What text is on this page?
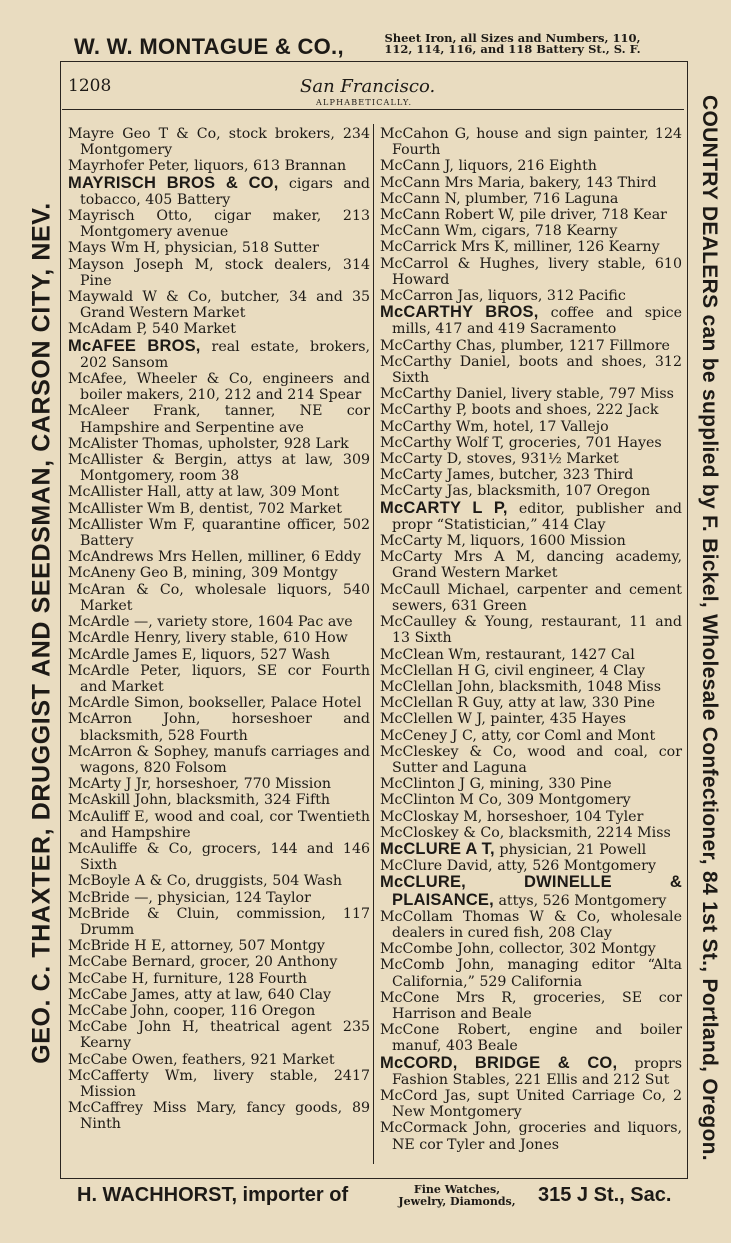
W. W. MONTAGUE & CO.,	Sheet Iron, all Sizes and Numbers, 110,
112, 114, 116, and 118 Battery St., S. F.
GEO. C. THAXTER, DRUGGIST AND SEEDSMAN, CARSON CITY, NEV.	COUNTRY DEALERS can be supplied by F. Bickel, Wholesale Confectioner, 84 1st St., Portland, Oregon.
1208	San Francisco.
ALPHABETICALLY.

Mayre Geo T & Co, stock brokers, 234 Montgomery

Mayrhofer Peter, liquors, 613 Brannan

MAYRISCH BROS & CO, cigars and tobacco, 405 Battery

Mayrisch Otto, cigar maker, 213 Montgomery avenue

Mays Wm H, physician, 518 Sutter

Mayson Joseph M, stock dealers, 314 Pine

Maywald W & Co, butcher, 34 and 35 Grand Western Market

McAdam P, 540 Market

McAFEE BROS, real estate, brokers, 202 Sansom

McAfee, Wheeler & Co, engineers and boiler makers, 210, 212 and 214 Spear

McAleer Frank, tanner, NE cor Hampshire and Serpentine ave

McAlister Thomas, upholster, 928 Lark

McAllister & Bergin, attys at law, 309 Montgomery, room 38

McAllister Hall, atty at law, 309 Mont

McAllister Wm B, dentist, 702 Market

McAllister Wm F, quarantine officer, 502 Battery

McAndrews Mrs Hellen, milliner, 6 Eddy

McAneny Geo B, mining, 309 Montgy

McAran & Co, wholesale liquors, 540 Market

McArdle —, variety store, 1604 Pac ave

McArdle Henry, livery stable, 610 How

McArdle James E, liquors, 527 Wash

McArdle Peter, liquors, SE cor Fourth and Market

McArdle Simon, bookseller, Palace Hotel

McArron John, horseshoer and blacksmith, 528 Fourth

McArron & Sophey, manufs carriages and wagons, 820 Folsom

McArty J Jr, horseshoer, 770 Mission

McAskill John, blacksmith, 324 Fifth

McAuliff E, wood and coal, cor Twentieth and Hampshire

McAuliffe & Co, grocers, 144 and 146 Sixth

McBoyle A & Co, druggists, 504 Wash

McBride —, physician, 124 Taylor

McBride & Cluin, commission, 117 Drumm

McBride H E, attorney, 507 Montgy

McCabe Bernard, grocer, 20 Anthony

McCabe H, furniture, 128 Fourth

McCabe James, atty at law, 640 Clay

McCabe John, cooper, 116 Oregon

McCabe John H, theatrical agent 235 Kearny

McCabe Owen, feathers, 921 Market

McCafferty Wm, livery stable, 2417 Mission

McCaffrey Miss Mary, fancy goods, 89 Ninth

McCahon G, house and sign painter, 124 Fourth

McCann J, liquors, 216 Eighth

McCann Mrs Maria, bakery, 143 Third

McCann N, plumber, 716 Laguna

McCann Robert W, pile driver, 718 Kear

McCann Wm, cigars, 718 Kearny

McCarrick Mrs K, milliner, 126 Kearny

McCarrol & Hughes, livery stable, 610 Howard

McCarron Jas, liquors, 312 Pacific

McCARTHY BROS, coffee and spice mills, 417 and 419 Sacramento

McCarthy Chas, plumber, 1217 Fillmore

McCarthy Daniel, boots and shoes, 312 Sixth

McCarthy Daniel, livery stable, 797 Miss

McCarthy P, boots and shoes, 222 Jack

McCarthy Wm, hotel, 17 Vallejo

McCarthy Wolf T, groceries, 701 Hayes

McCarty D, stoves, 931½ Market

McCarty James, butcher, 323 Third

McCarty Jas, blacksmith, 107 Oregon

McCARTY L P, editor, publisher and propr “Statistician,” 414 Clay

McCarty M, liquors, 1600 Mission

McCarty Mrs A M, dancing academy, Grand Western Market

McCaull Michael, carpenter and cement sewers, 631 Green

McCaulley & Young, restaurant, 11 and 13 Sixth

McClean Wm, restaurant, 1427 Cal

McClellan H G, civil engineer, 4 Clay

McClellan John, blacksmith, 1048 Miss

McClellan R Guy, atty at law, 330 Pine

McClellen W J, painter, 435 Hayes

McCeney J C, atty, cor Coml and Mont

McCleskey & Co, wood and coal, cor Sutter and Laguna

McClinton J G, mining, 330 Pine

McClinton M Co, 309 Montgomery

McCloskay M, horseshoer, 104 Tyler

McCloskey & Co, blacksmith, 2214 Miss

McCLURE A T, physician, 21 Powell

McClure David, atty, 526 Montgomery

McCLURE, DWINELLE & PLAISANCE, attys, 526 Montgomery

McCollam Thomas W & Co, wholesale dealers in cured fish, 208 Clay

McCombe John, collector, 302 Montgy

McComb John, managing editor “Alta California,” 529 California

McCone Mrs R, groceries, SE cor Harrison and Beale

McCone Robert, engine and boiler manuf, 403 Beale

McCORD, BRIDGE & CO, proprs Fashion Stables, 221 Ellis and 212 Sut

McCord Jas, supt United Carriage Co, 2 New Montgomery

McCormack John, groceries and liquors, NE cor Tyler and Jones

H. WACHHORST, importer of	Fine Watches,
Jewelry, Diamonds,	315 J St., Sac.
